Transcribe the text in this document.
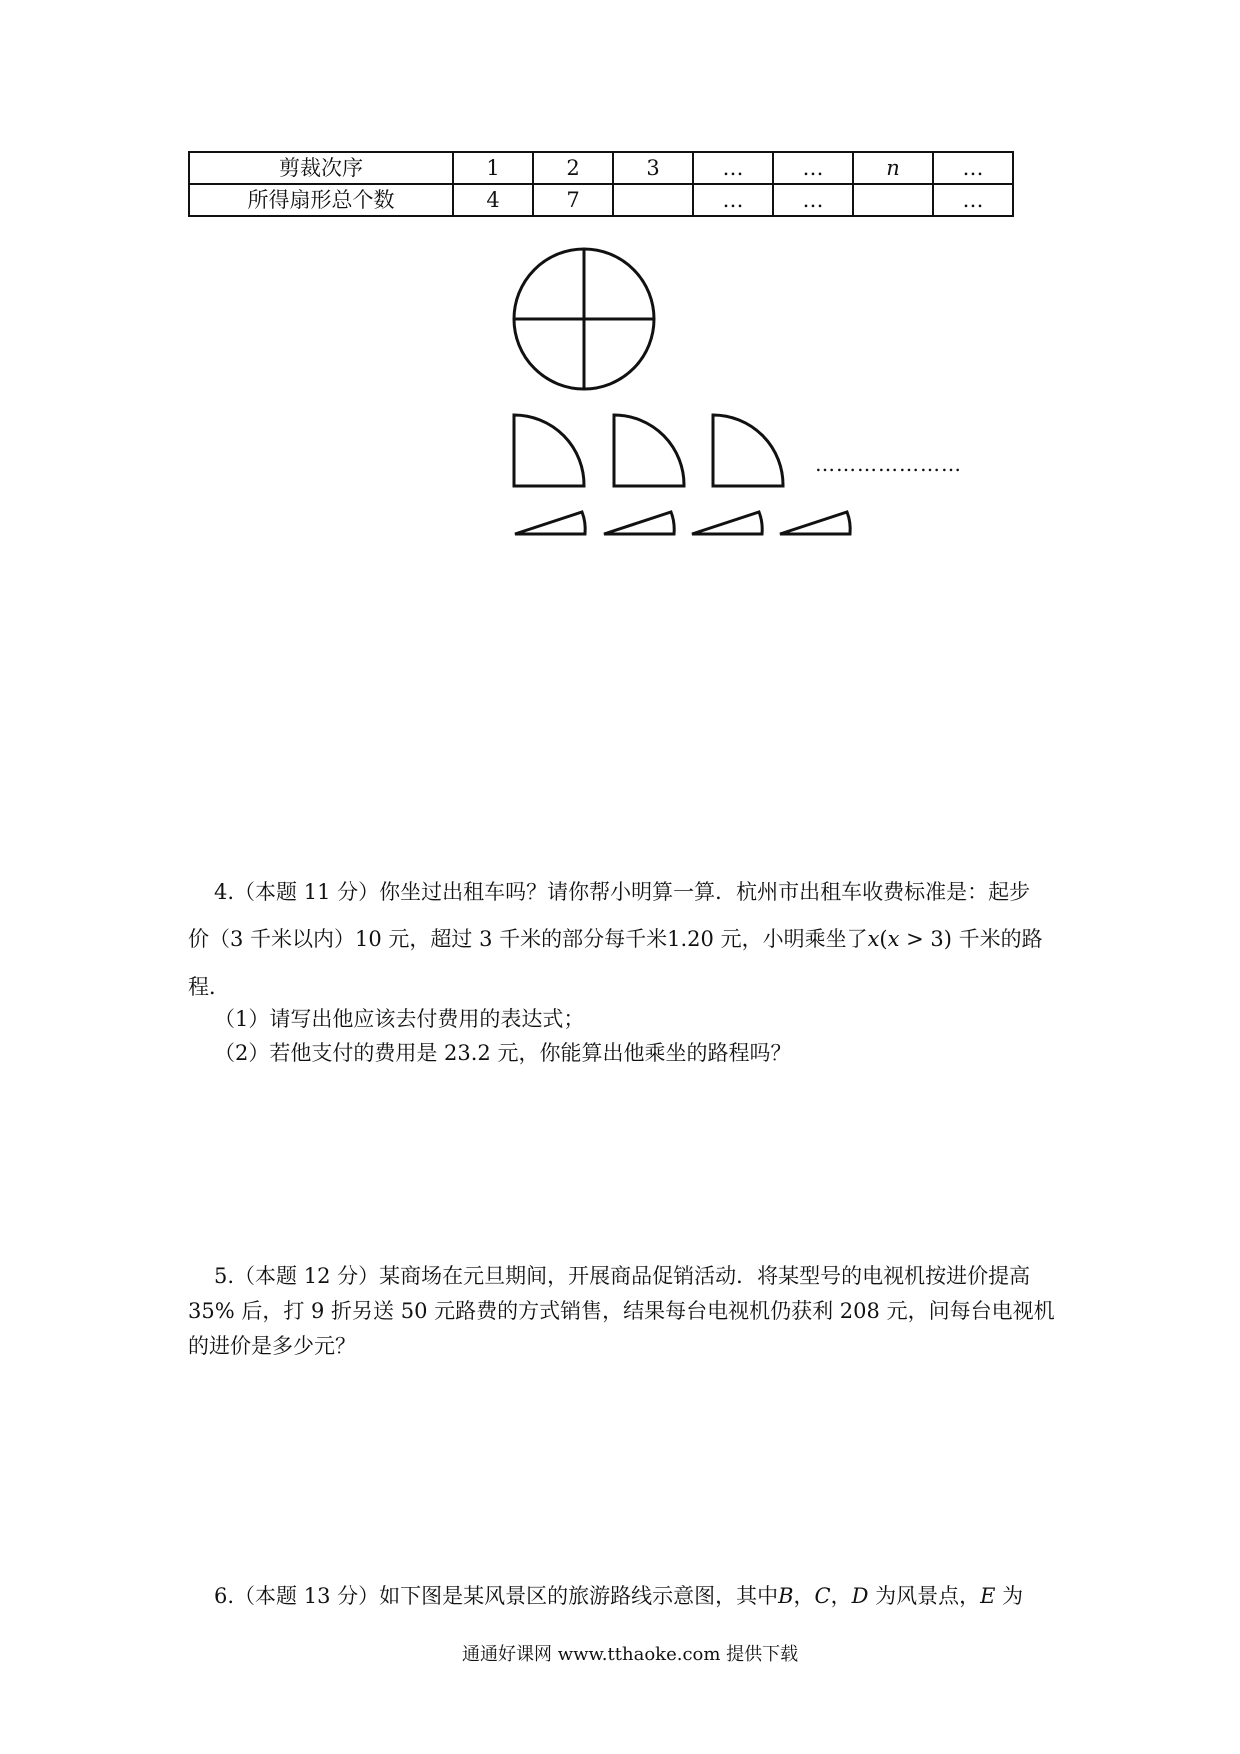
剪裁次序	1	2	3	…	…	n	…
所得扇形总个数	4	7		…	…		…
…………………
4.（本题 11 分）你坐过出租车吗？请你帮小明算一算．杭州市出租车收费标准是：起步
价（3 千米以内）10 元，超过 3 千米的部分每千米1.20 元，小明乘坐了x(x > 3) 千米的路
程．
（1）请写出他应该去付费用的表达式；
（2）若他支付的费用是 23.2 元，你能算出他乘坐的路程吗？
5.（本题 12 分）某商场在元旦期间，开展商品促销活动．将某型号的电视机按进价提高
35% 后，打 9 折另送 50 元路费的方式销售，结果每台电视机仍获利 208 元，问每台电视机
的进价是多少元？
6.（本题 13 分）如下图是某风景区的旅游路线示意图，其中B，C，D 为风景点，E 为
通通好课网 www.tthaoke.com 提供下载
